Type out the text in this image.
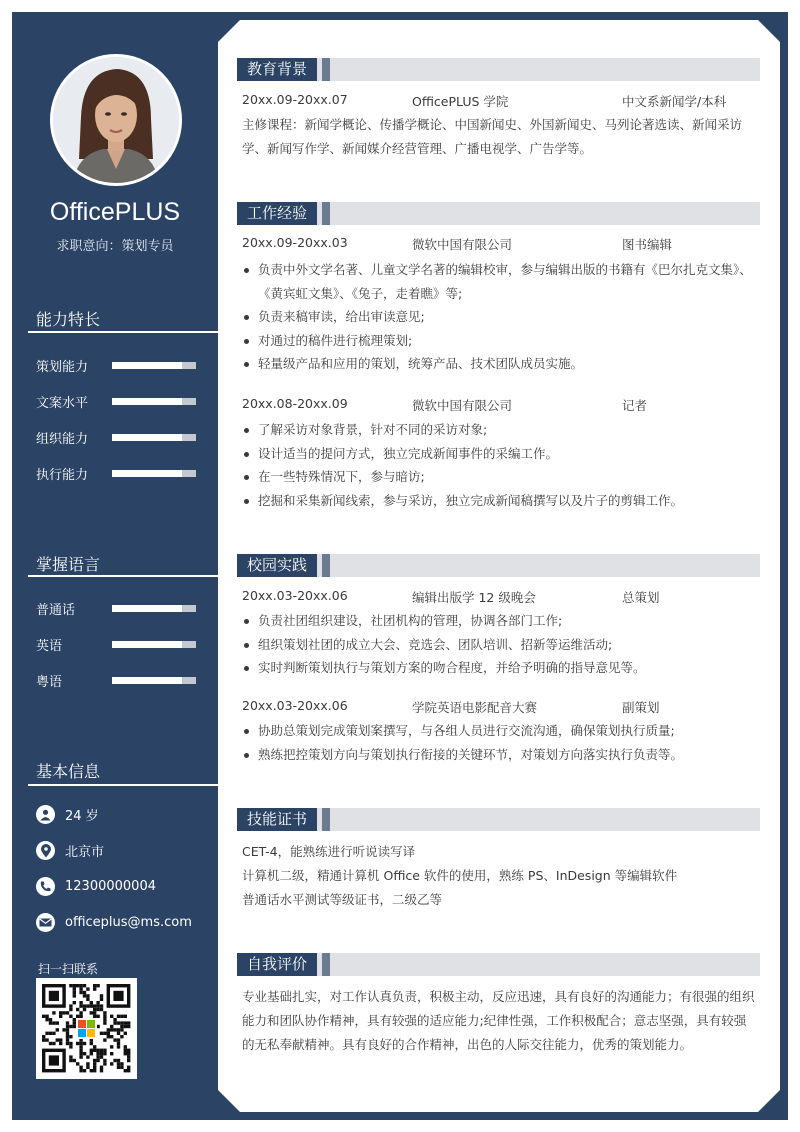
OfficePLUS
求职意向：策划专员
能力特长
策划能力
文案水平
组织能力
执行能力
掌握语言
普通话
英语
粤语
基本信息
24 岁
北京市
12300000004
officeplus@ms.com
扫一扫联系
教育背景
20xx.09-20xx.07	OfficePLUS 学院	中文系新闻学/本科
主修课程：新闻学概论、传播学概论、中国新闻史、外国新闻史、马列论著选读、新闻采访学、新闻写作学、新闻媒介经营管理、广播电视学、广告学等。
工作经验
20xx.09-20xx.03	微软中国有限公司	图书编辑
负责中外文学名著、儿童文学名著的编辑校审，参与编辑出版的书籍有《巴尔扎克文集》、《黄宾虹文集》、《兔子，走着瞧》等;
负责来稿审读，给出审读意见;
对通过的稿件进行梳理策划;
轻量级产品和应用的策划，统筹产品、技术团队成员实施。
20xx.08-20xx.09	微软中国有限公司	记者
了解采访对象背景，针对不同的采访对象;
设计适当的提问方式，独立完成新闻事件的采编工作。
在一些特殊情况下，参与暗访;
挖掘和采集新闻线索，参与采访，独立完成新闻稿撰写以及片子的剪辑工作。
校园实践
20xx.03-20xx.06	编辑出版学 12 级晚会	总策划
负责社团组织建设，社团机构的管理，协调各部门工作;
组织策划社团的成立大会、竞选会、团队培训、招新等运维活动;
实时判断策划执行与策划方案的吻合程度，并给予明确的指导意见等。
20xx.03-20xx.06	学院英语电影配音大赛	副策划
协助总策划完成策划案撰写，与各组人员进行交流沟通，确保策划执行质量;
熟练把控策划方向与策划执行衔接的关键环节，对策划方向落实执行负责等。
技能证书
CET-4，能熟练进行听说读写译
计算机二级，精通计算机 Office 软件的使用，熟练 PS、InDesign 等编辑软件
普通话水平测试等级证书，二级乙等
自我评价
专业基础扎实，对工作认真负责，积极主动，反应迅速，具有良好的沟通能力；有很强的组织能力和团队协作精神，具有较强的适应能力;纪律性强，工作积极配合；意志坚强，具有较强的无私奉献精神。具有良好的合作精神，出色的人际交往能力，优秀的策划能力。
